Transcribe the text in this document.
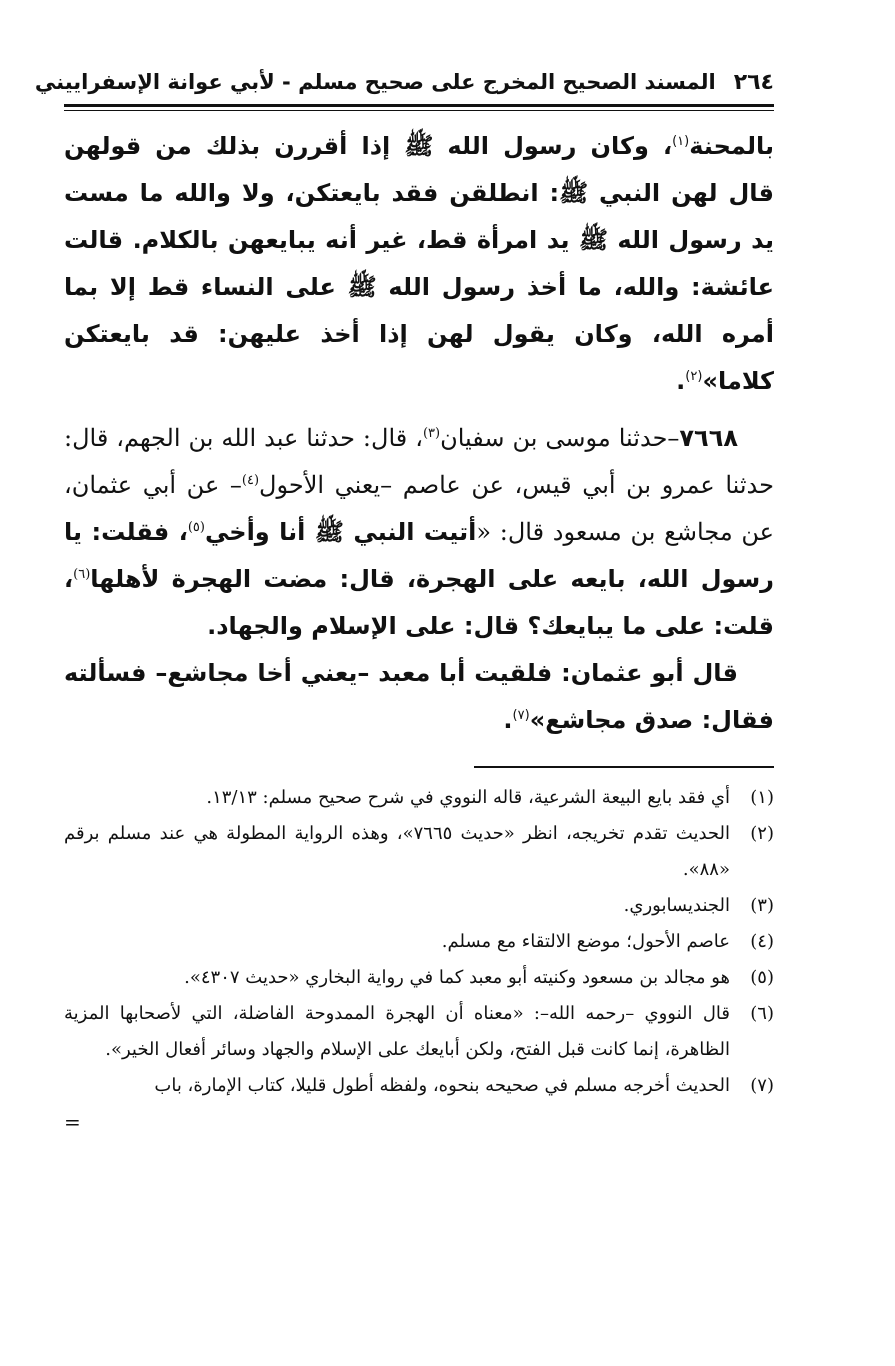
٢٦٤المسند الصحيح المخرج على صحيح مسلم - لأبي عوانة الإسفراييني

بالمحنة$^{(١)}$، وكان رسول الله ﷺ إذا أقررن بذلك من قولهن قال لهن النبي ﷺ: انطلقن فقد بايعتكن، ولا والله ما مست يد رسول الله ﷺ يد امرأة قط، غير أنه يبايعهن بالكلام. قالت عائشة: والله، ما أخذ رسول الله ﷺ على النساء قط إلا بما أمره الله، وكان يقول لهن إذا أخذ عليهن: قد بايعتكن كلاما»$^{(٢)}$.

٧٦٦٨–حدثنا موسى بن سفيان$^{(٣)}$، قال: حدثنا عبد الله بن الجهم، قال: حدثنا عمرو بن أبي قيس، عن عاصم –يعني الأحول$^{(٤)}$– عن أبي عثمان، عن مجاشع بن مسعود قال: «أتيت النبي ﷺ أنا وأخي$^{(٥)}$، فقلت: يا رسول الله، بايعه على الهجرة، قال: مضت الهجرة لأهلها$^{(٦)}$، قلت: على ما يبايعك؟ قال: على الإسلام والجهاد.

قال أبو عثمان: فلقيت أبا معبد –يعني أخا مجاشع– فسألته فقال: صدق مجاشع»$^{(٧)}$.

(١)
أي فقد بايع البيعة الشرعية، قاله النووي في شرح صحيح مسلم: ١٣/١٣.
(٢)
الحديث تقدم تخريجه، انظر «حديث ٧٦٦٥»، وهذه الرواية المطولة هي عند مسلم برقم «٨٨».
(٣)
الجنديسابوري.
(٤)
عاصم الأحول؛ موضع الالتقاء مع مسلم.
(٥)
هو مجالد بن مسعود وكنيته أبو معبد كما في رواية البخاري «حديث ٤٣٠٧».
(٦)
قال النووي –رحمه الله–: «معناه أن الهجرة الممدوحة الفاضلة، التي لأصحابها المزية الظاهرة، إنما كانت قبل الفتح، ولكن أبايعك على الإسلام والجهاد وسائر أفعال الخير».
(٧)
الحديث أخرجه مسلم في صحيحه بنحوه، ولفظه أطول قليلا، كتاب الإمارة، باب
=
